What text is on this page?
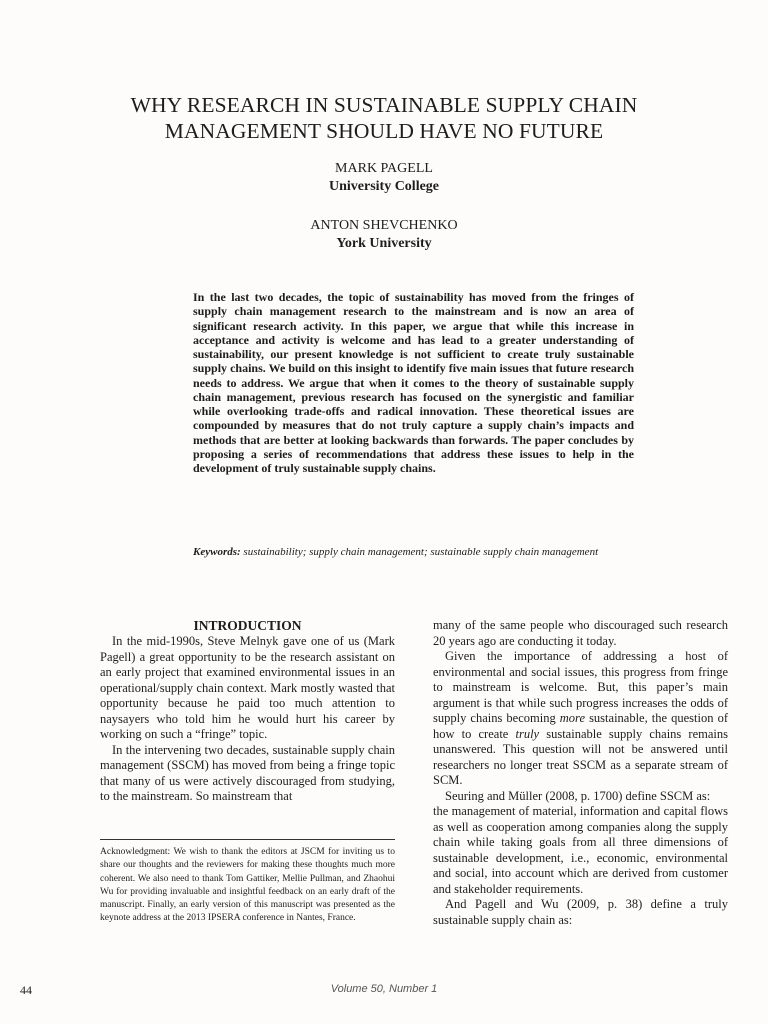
WHY RESEARCH IN SUSTAINABLE SUPPLY CHAIN
MANAGEMENT SHOULD HAVE NO FUTURE
MARK PAGELL
University College
ANTON SHEVCHENKO
York University

In the last two decades, the topic of sustainability has moved from the fringes of supply chain management research to the mainstream and is now an area of significant research activity. In this paper, we argue that while this increase in acceptance and activity is welcome and has lead to a greater understanding of sustainability, our present knowledge is not sufficient to create truly sustainable supply chains. We build on this insight to identify five main issues that future research needs to address. We argue that when it comes to the theory of sustainable supply chain management, previous research has focused on the synergistic and familiar while overlooking trade-offs and radical innovation. These theoretical issues are compounded by measures that do not truly capture a supply chain’s impacts and methods that are better at looking backwards than forwards. The paper concludes by proposing a series of recommendations that address these issues to help in the development of truly sustainable supply chains.

Keywords: sustainability; supply chain management; sustainable supply chain management

INTRODUCTION

In the mid-1990s, Steve Melnyk gave one of us (Mark Pagell) a great opportunity to be the research assistant on an early project that examined environmental issues in an operational/supply chain context. Mark mostly wasted that opportunity because he paid too much attention to naysayers who told him he would hurt his career by working on such a “fringe” topic.

In the intervening two decades, sustainable supply chain management (SSCM) has moved from being a fringe topic that many of us were actively discouraged from studying, to the mainstream. So mainstream that

Acknowledgment: We wish to thank the editors at JSCM for inviting us to share our thoughts and the reviewers for making these thoughts much more coherent. We also need to thank Tom Gattiker, Mellie Pullman, and Zhaohui Wu for providing invaluable and insightful feedback on an early draft of the manuscript. Finally, an early version of this manuscript was presented as the keynote address at the 2013 IPSERA conference in Nantes, France.

many of the same people who discouraged such research 20 years ago are conducting it today.

Given the importance of addressing a host of environmental and social issues, this progress from fringe to mainstream is welcome. But, this paper’s main argument is that while such progress increases the odds of supply chains becoming more sustainable, the question of how to create truly sustainable supply chains remains unanswered. This question will not be answered until researchers no longer treat SSCM as a separate stream of SCM.

Seuring and Müller (2008, p. 1700) define SSCM as:

the management of material, information and capital flows as well as cooperation among companies along the supply chain while taking goals from all three dimensions of sustainable development, i.e., economic, environmental and social, into account which are derived from customer and stakeholder requirements.

And Pagell and Wu (2009, p. 38) define a truly sustainable supply chain as:

44	Volume 50, Number 1
